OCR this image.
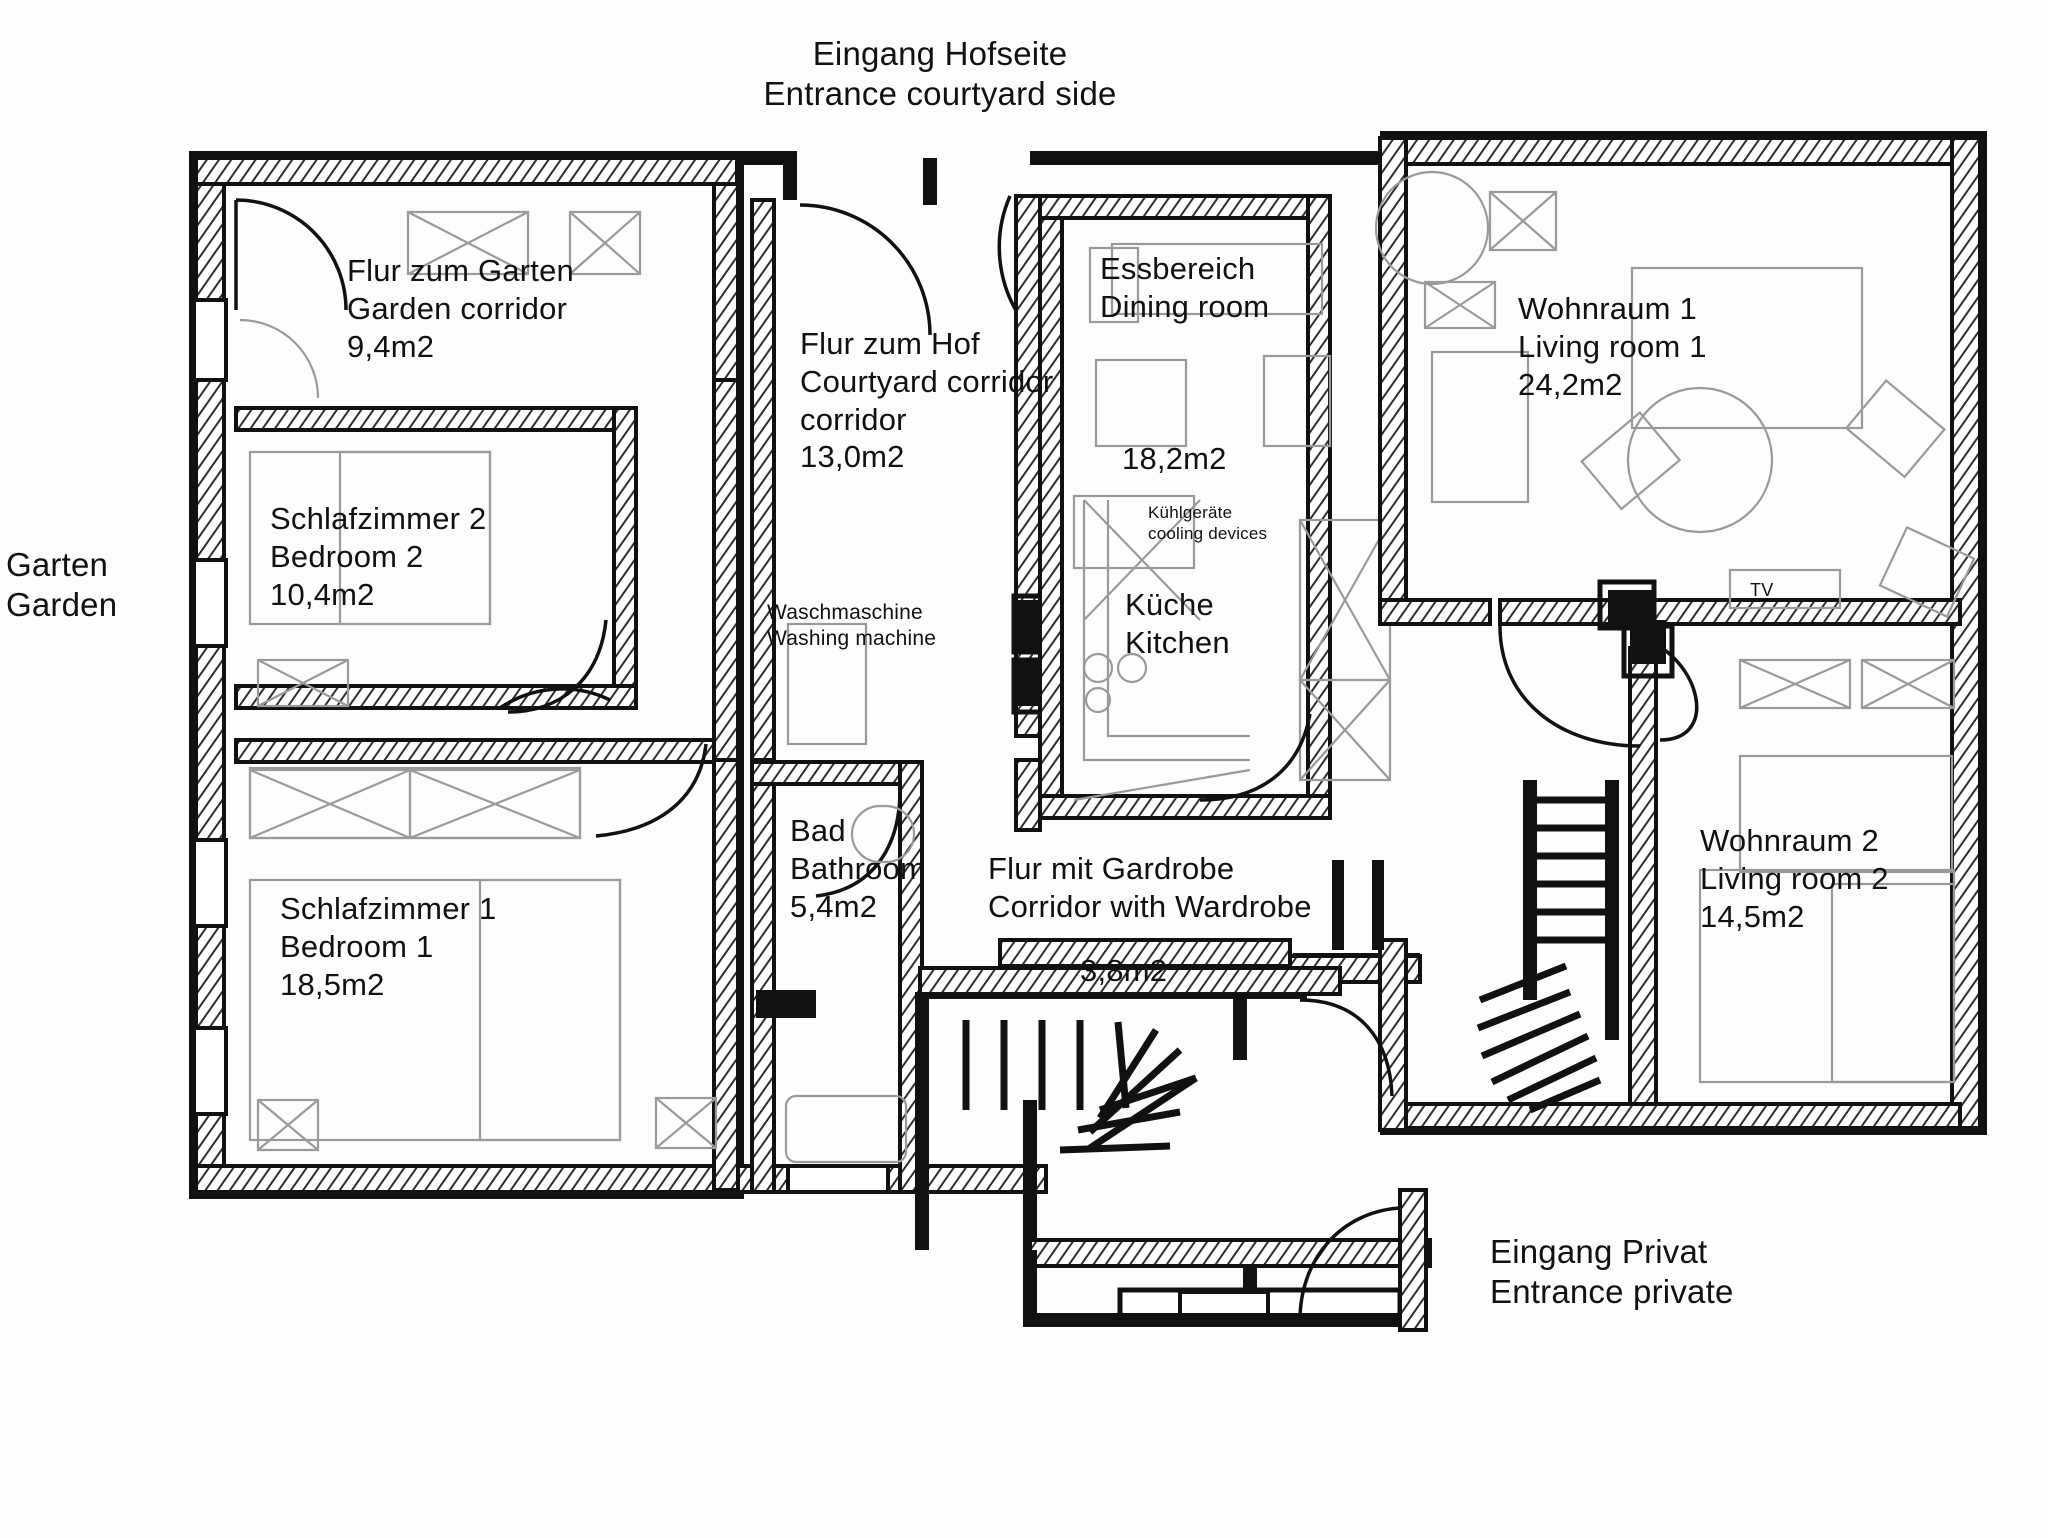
Eingang Hofseite
Entrance courtyard side
Garten
Garden
Flur zum Garten
Garden corridor
9,4m2
Schlafzimmer 2
Bedroom 2
10,4m2
Schlafzimmer 1
Bedroom 1
18,5m2
Flur zum Hof
Courtyard corridor
corridor
13,0m2
Waschmaschine
Washing machine
Bad
Bathroom
5,4m2
Flur mit Gardrobe
Corridor with Wardrobe
3,8m2
Essbereich
Dining room
18,2m2
Kühlgeräte
cooling devices
Küche
Kitchen
Wohnraum 1
Living room 1
24,2m2
TV
Wohnraum 2
Living room 2
14,5m2
Eingang Privat
Entrance private
